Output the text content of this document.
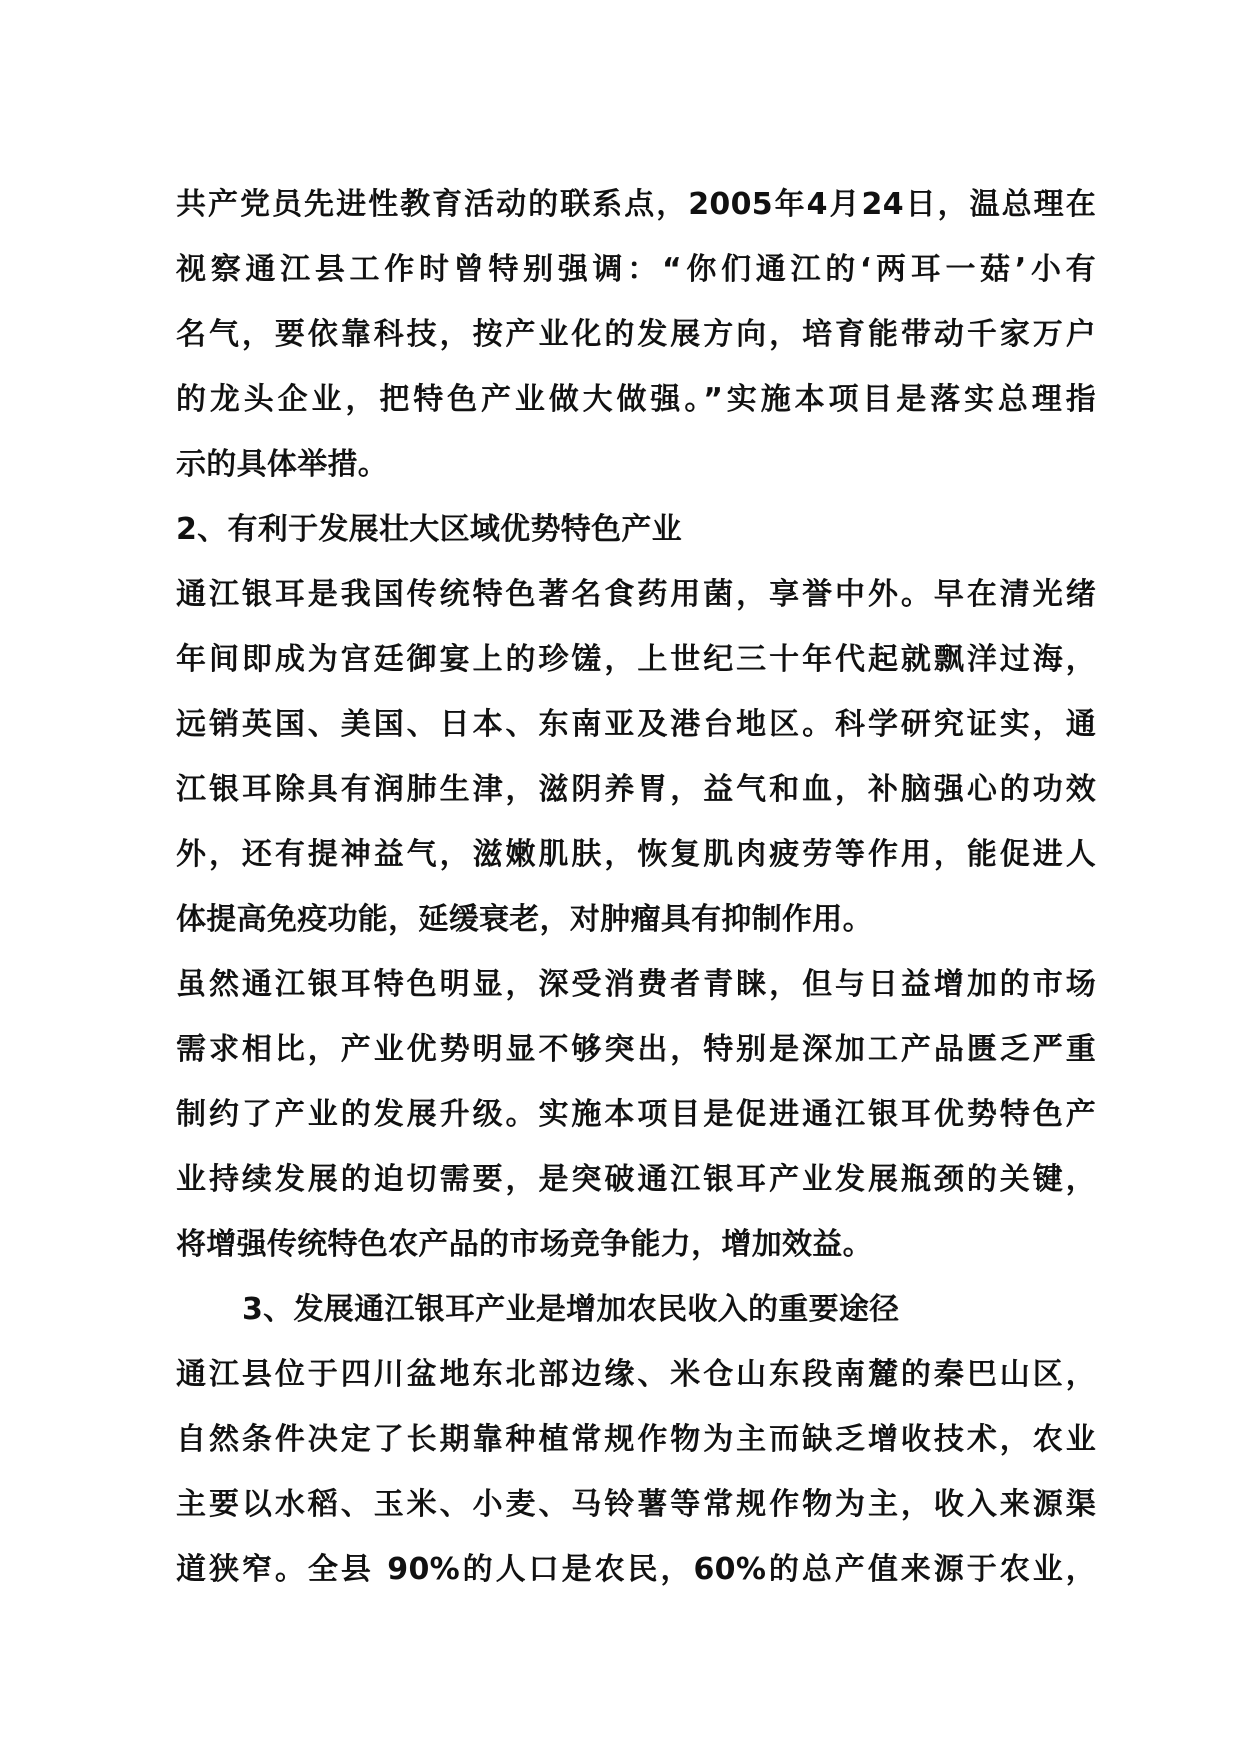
共产党员先进性教育活动的联系点，2005年4月24日，温总理在
视察通江县工作时曾特别强调：“你们通江的‘两耳一菇’小有
名气，要依靠科技，按产业化的发展方向，培育能带动千家万户
的龙头企业，把特色产业做大做强。”实施本项目是落实总理指
示的具体举措。
2、有利于发展壮大区域优势特色产业
通江银耳是我国传统特色著名食药用菌，享誉中外。早在清光绪
年间即成为宫廷御宴上的珍馐，上世纪三十年代起就飘洋过海，
远销英国、美国、日本、东南亚及港台地区。科学研究证实，通
江银耳除具有润肺生津，滋阴养胃，益气和血，补脑强心的功效
外，还有提神益气，滋嫩肌肤，恢复肌肉疲劳等作用，能促进人
体提高免疫功能，延缓衰老，对肿瘤具有抑制作用。
虽然通江银耳特色明显，深受消费者青睐，但与日益增加的市场
需求相比，产业优势明显不够突出，特别是深加工产品匮乏严重
制约了产业的发展升级。实施本项目是促进通江银耳优势特色产
业持续发展的迫切需要，是突破通江银耳产业发展瓶颈的关键，
将增强传统特色农产品的市场竞争能力，增加效益。
3、发展通江银耳产业是增加农民收入的重要途径
通江县位于四川盆地东北部边缘、米仓山东段南麓的秦巴山区，
自然条件决定了长期靠种植常规作物为主而缺乏增收技术，农业
主要以水稻、玉米、小麦、马铃薯等常规作物为主，收入来源渠
道狭窄。全县 90%的人口是农民，60%的总产值来源于农业，
